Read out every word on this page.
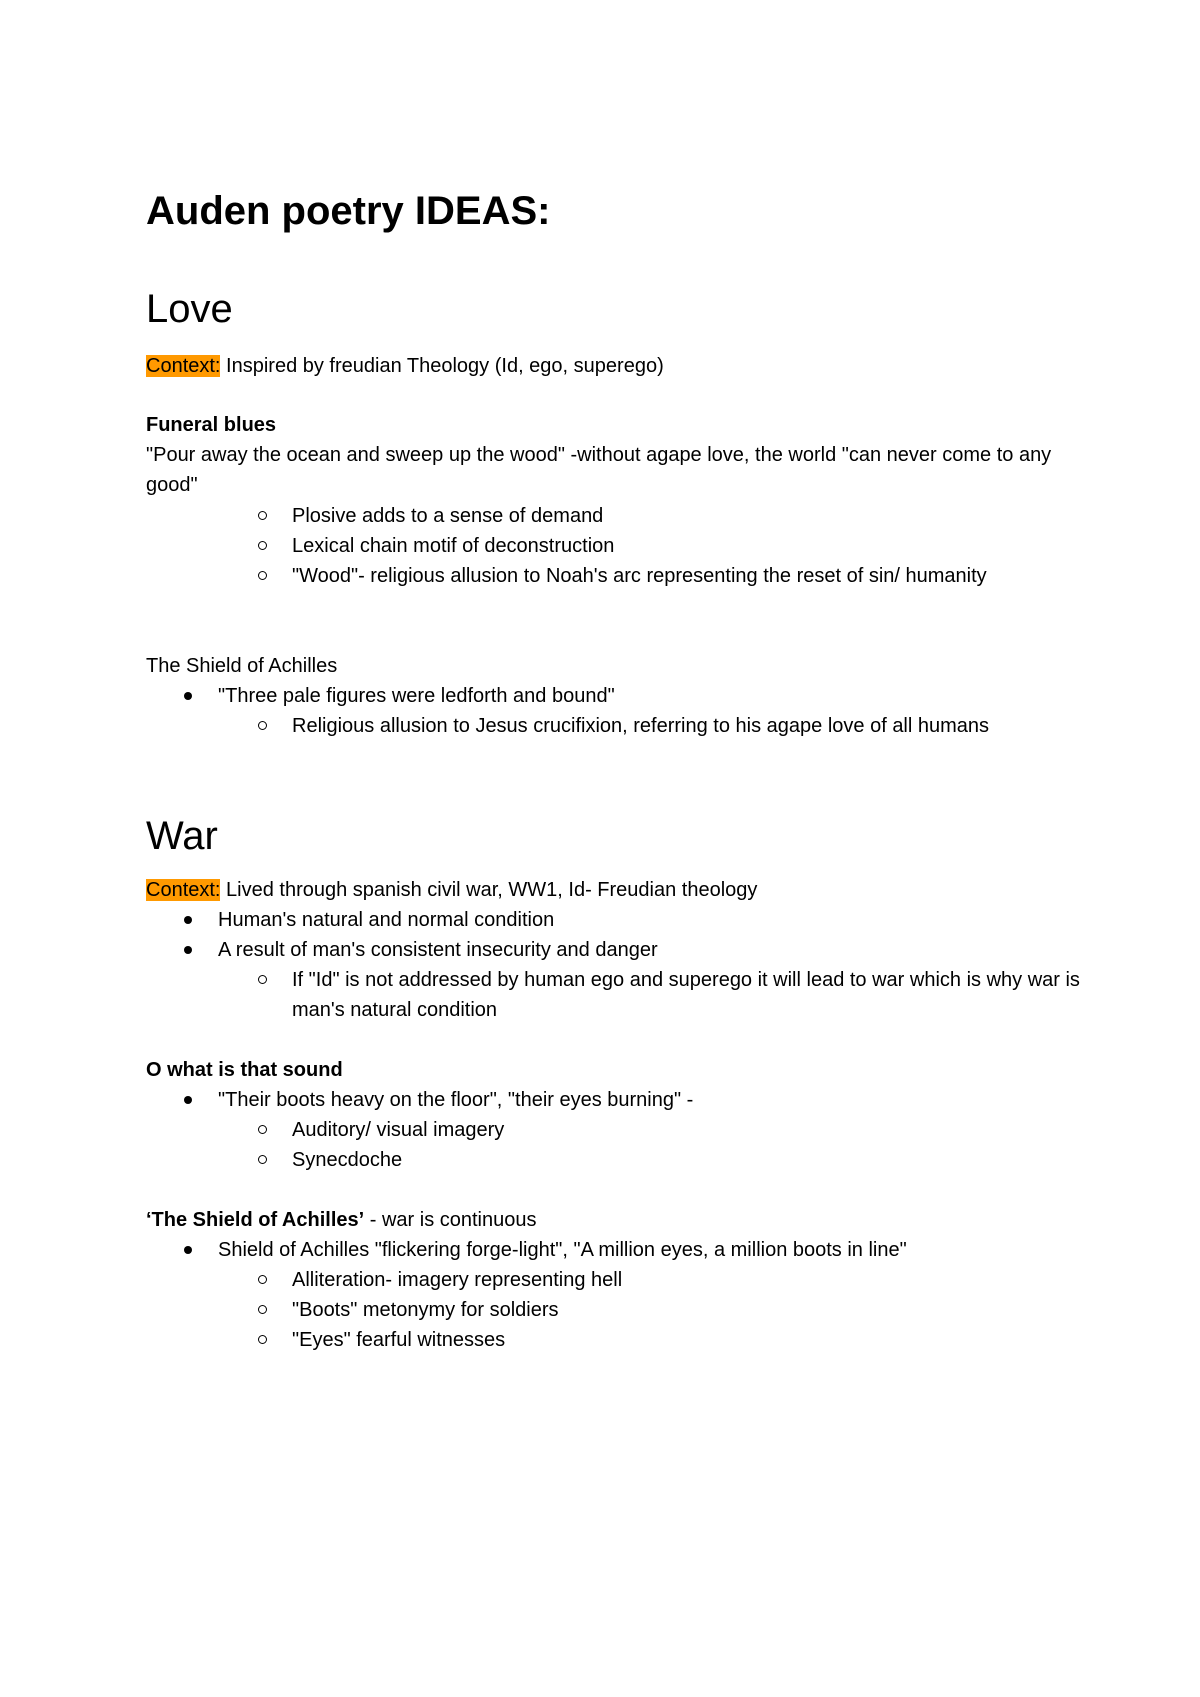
Auden poetry IDEAS:
Love

Context: Inspired by freudian Theology (Id, ego, superego)

Funeral blues

"Pour away the ocean and sweep up the wood" -without agape love, the world "can never come to any good"

Plosive adds to a sense of demand

Lexical chain motif of deconstruction

"Wood"- religious allusion to Noah's arc representing the reset of sin/ humanity

The Shield of Achilles

"Three pale figures were ledforth and bound"

Religious allusion to Jesus crucifixion, referring to his agape love of all humans

War

Context: Lived through spanish civil war, WW1, Id- Freudian theology

Human's natural and normal condition

A result of man's consistent insecurity and danger

If "Id" is not addressed by human ego and superego it will lead to war which is why war is man's natural condition

O what is that sound

"Their boots heavy on the floor", "their eyes burning" -

Auditory/ visual imagery

Synecdoche

‘The Shield of Achilles’ - war is continuous

Shield of Achilles "flickering forge-light", "A million eyes, a million boots in line"

Alliteration- imagery representing hell

"Boots" metonymy for soldiers

"Eyes" fearful witnesses
